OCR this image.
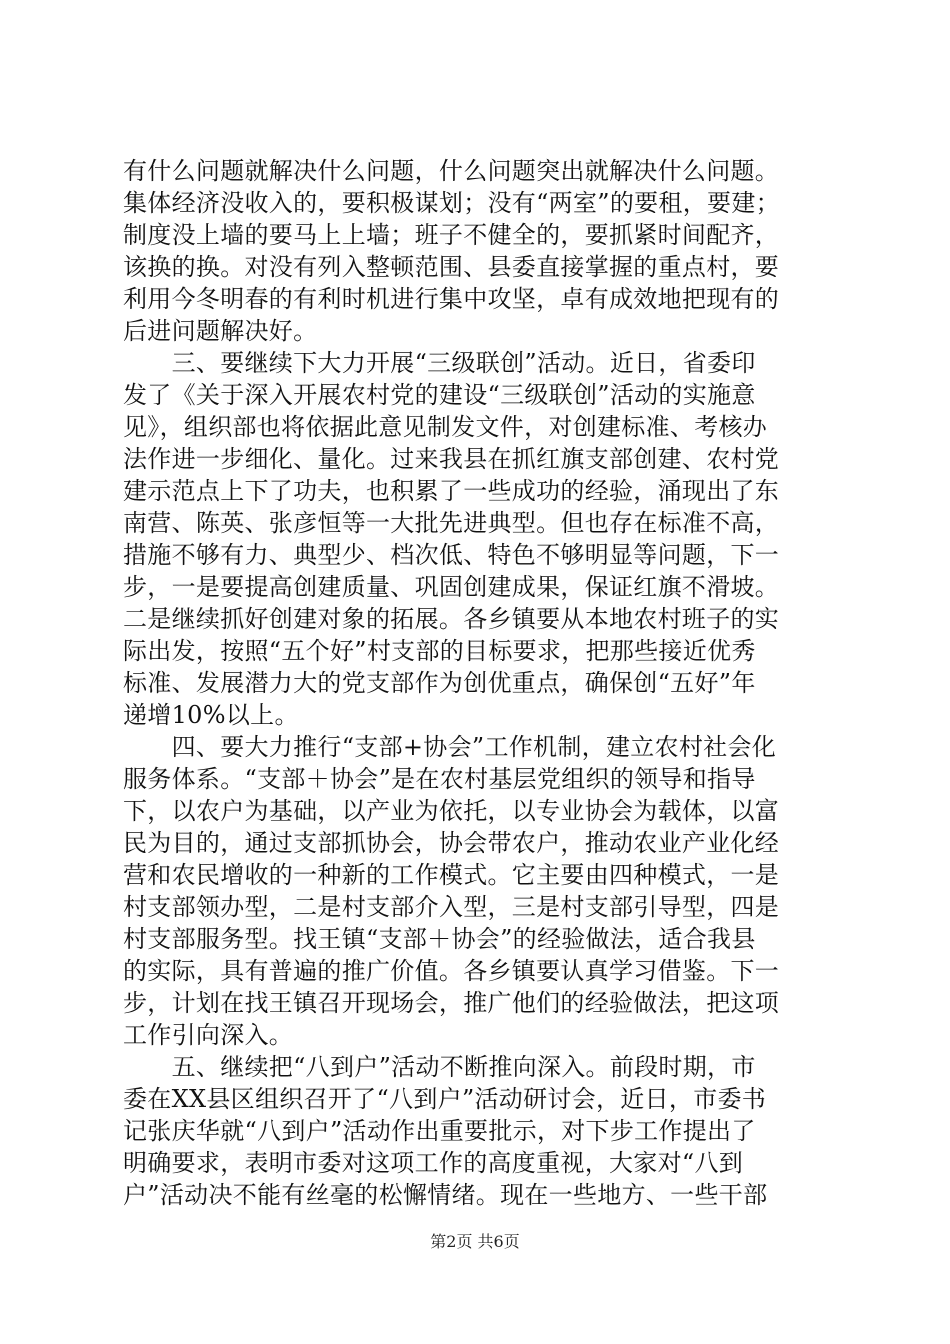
有什么问题就解决什么问题，什么问题突出就解决什么问题。
集体经济没收入的，要积极谋划；没有“两室”的要租，要建；
制度没上墙的要马上上墙；班子不健全的，要抓紧时间配齐，
该换的换。对没有列入整顿范围、县委直接掌握的重点村，要
利用今冬明春的有利时机进行集中攻坚，卓有成效地把现有的
后进问题解决好。
　　三、要继续下大力开展“三级联创”活动。近日，省委印
发了《关于深入开展农村党的建设“三级联创”活动的实施意
见》，组织部也将依据此意见制发文件，对创建标准、考核办
法作进一步细化、量化。过来我县在抓红旗支部创建、农村党
建示范点上下了功夫，也积累了一些成功的经验，涌现出了东
南营、陈英、张彦恒等一大批先进典型。但也存在标准不高，
措施不够有力、典型少、档次低、特色不够明显等问题，下一
步，一是要提高创建质量、巩固创建成果，保证红旗不滑坡。
二是继续抓好创建对象的拓展。各乡镇要从本地农村班子的实
际出发，按照“五个好”村支部的目标要求，把那些接近优秀
标准、发展潜力大的党支部作为创优重点，确保创“五好”年
递增10%以上。
　　四、要大力推行“支部+协会”工作机制，建立农村社会化
服务体系。“支部＋协会”是在农村基层党组织的领导和指导
下，以农户为基础，以产业为依托，以专业协会为载体，以富
民为目的，通过支部抓协会，协会带农户，推动农业产业化经
营和农民增收的一种新的工作模式。它主要由四种模式，一是
村支部领办型，二是村支部介入型，三是村支部引导型，四是
村支部服务型。找王镇“支部＋协会”的经验做法，适合我县
的实际，具有普遍的推广价值。各乡镇要认真学习借鉴。下一
步，计划在找王镇召开现场会，推广他们的经验做法，把这项
工作引向深入。
　　五、继续把“八到户”活动不断推向深入。前段时期，市
委在XX县区组织召开了“八到户”活动研讨会，近日，市委书
记张庆华就“八到户”活动作出重要批示，对下步工作提出了
明确要求，表明市委对这项工作的高度重视，大家对“八到
户”活动决不能有丝毫的松懈情绪。现在一些地方、一些干部
第2页 共6页
